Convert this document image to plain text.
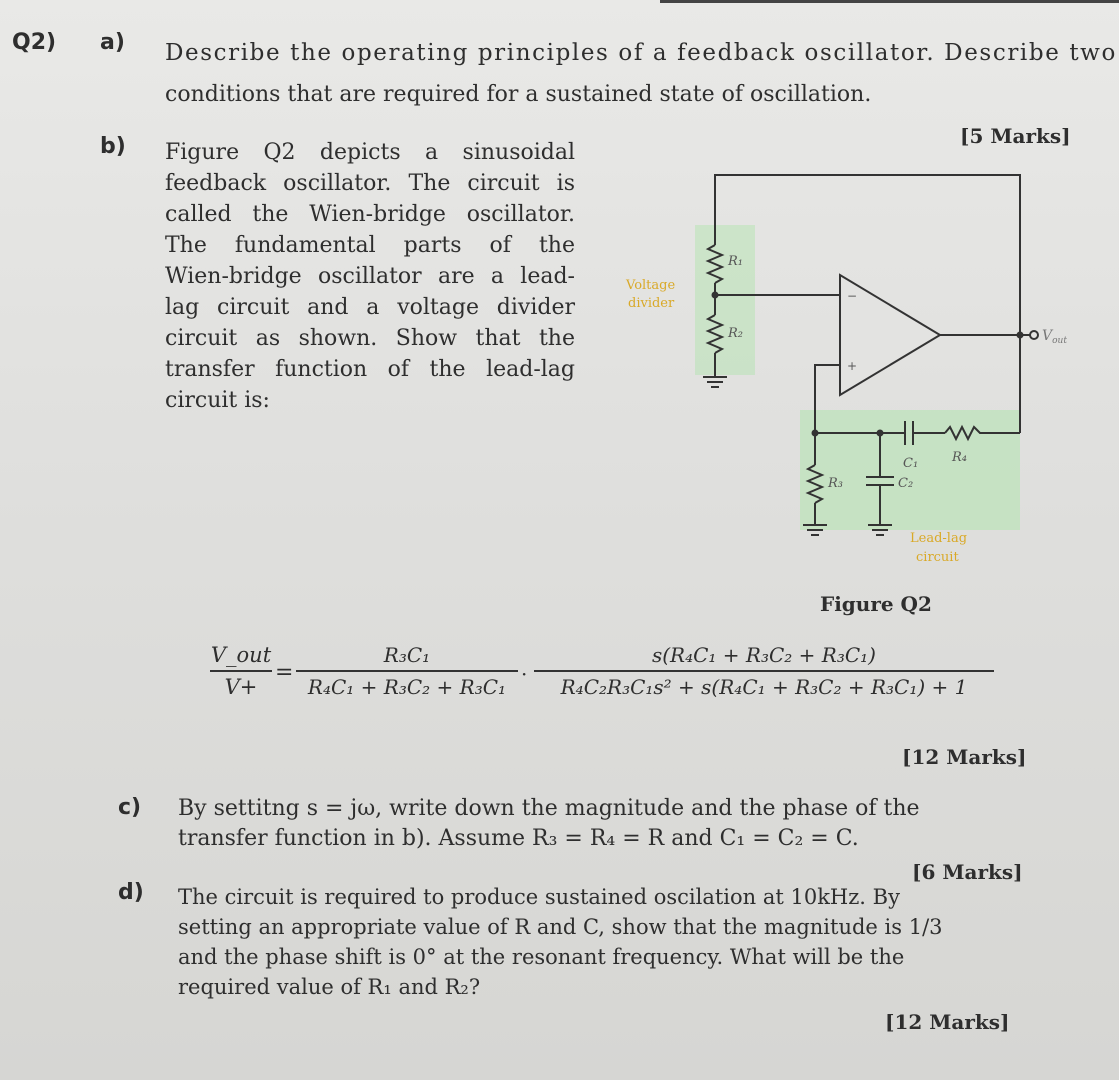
Q2) a) Describe the operating principles of a feedback oscillator. Describe two
conditions that are required for a sustained state of oscillation.
[5 Marks]
b) Figure Q2 depicts a sinusoidal
feedback oscillator. The circuit is
called the Wien-bridge oscillator.
The fundamental parts of the
Wien-bridge oscillator are a lead-
lag circuit and a voltage divider
circuit as shown. Show that the
transfer function of the lead-lag
circuit is:
R₁
R₂
R₃
R₄
C₁
C₂
−
+
$V_{out}$
Voltage
divider
Lead-lag
circuit
Figure Q2
V_out
V+
=
R₃C₁
R₄C₁ + R₃C₂ + R₃C₁
·
s(R₄C₁ + R₃C₂ + R₃C₁)
R₄C₂R₃C₁s² + s(R₄C₁ + R₃C₂ + R₃C₁) + 1
[12 Marks]
c) By settitng s = jω, write down the magnitude and the phase of the
transfer function in b). Assume R₃ = R₄ = R and C₁ = C₂ = C.
[6 Marks]
d) The circuit is required to produce sustained oscilation at 10kHz. By
setting an appropriate value of R and C, show that the magnitude is 1/3
and the phase shift is 0° at the resonant frequency. What will be the
required value of R₁ and R₂?
[12 Marks]
